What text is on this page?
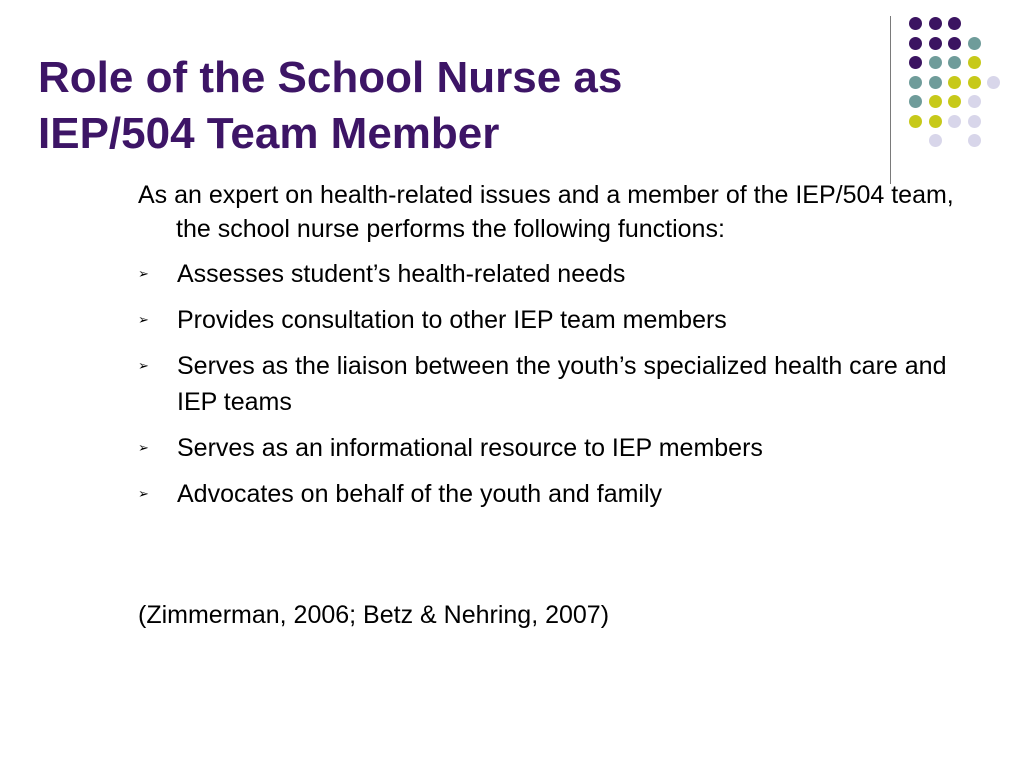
Role of the School Nurse as
IEP/504 Team Member

As an expert on health-related issues and a member of the IEP/504 team, the school nurse performs the following functions:

➢ Assesses student’s health-related needs
➢ Provides consultation to other IEP team members
➢ Serves as the liaison between the youth’s specialized health care and IEP teams
➢ Serves as an informational resource to IEP members
➢ Advocates on behalf of the youth and family

(Zimmerman, 2006; Betz & Nehring, 2007)
